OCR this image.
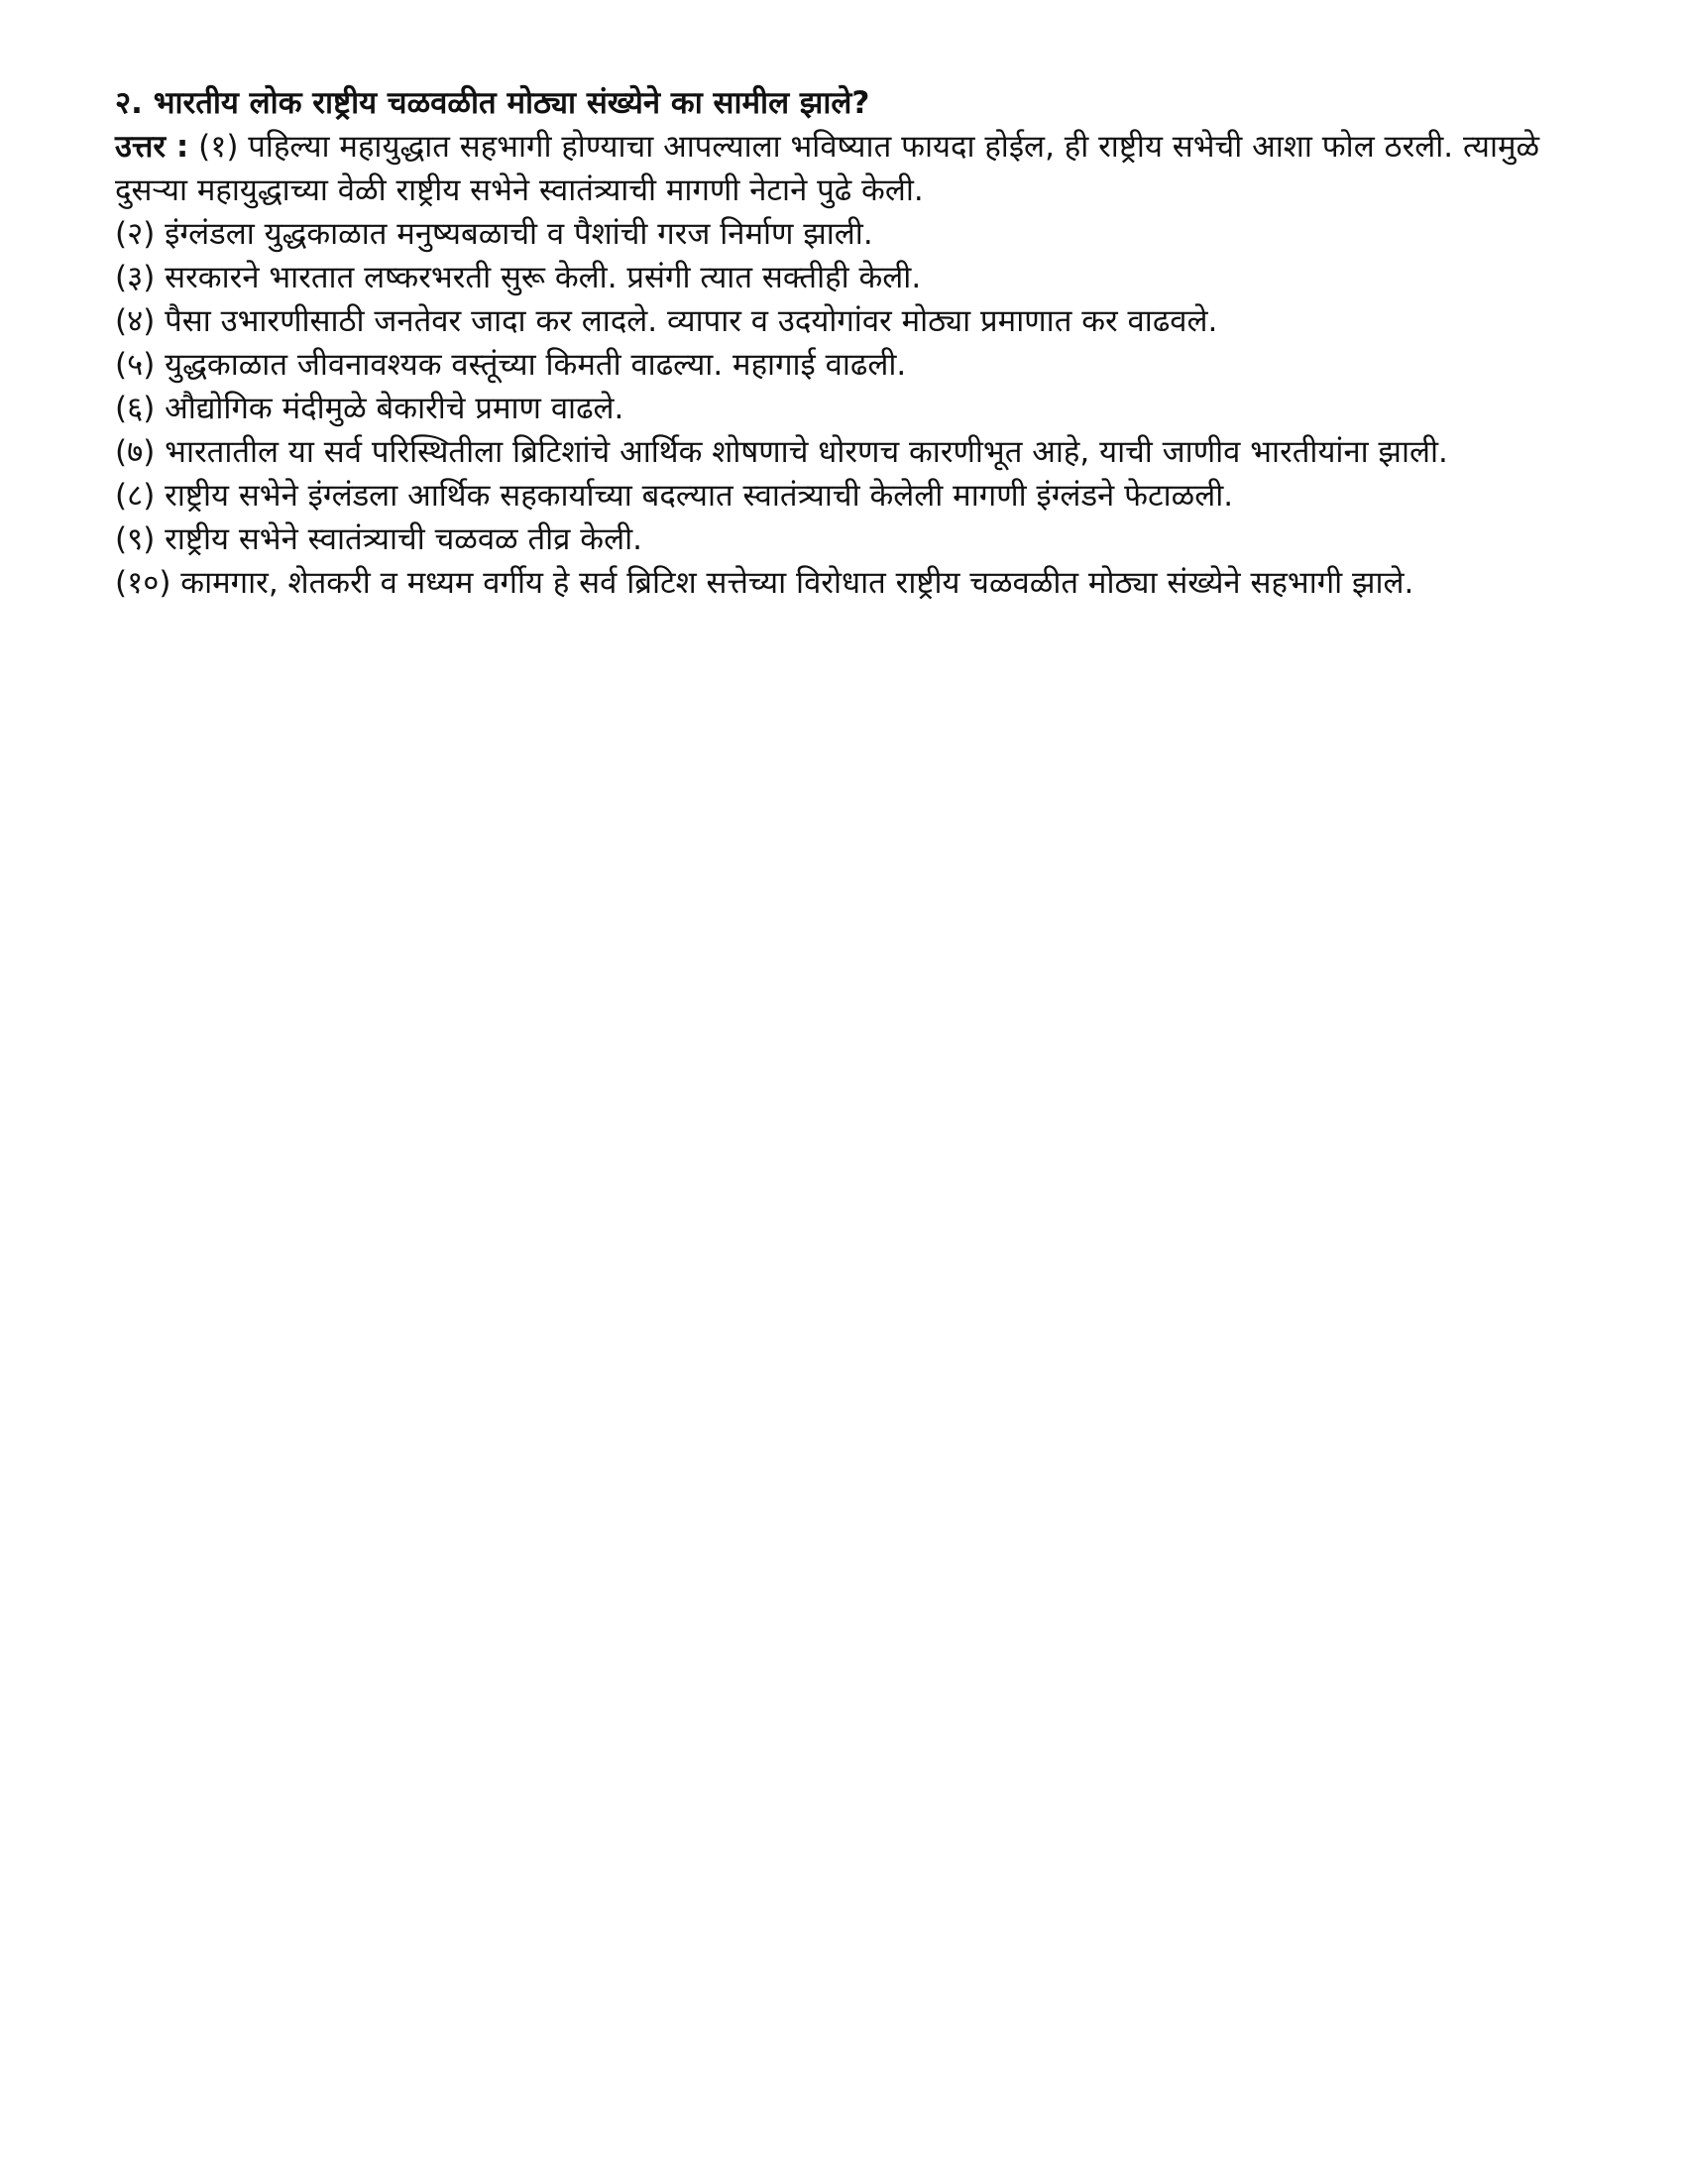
२. भारतीय लोक राष्ट्रीय चळवळीत मोठ्या संख्येने का सामील झाले?

उत्तर : (१) पहिल्या महायुद्धात सहभागी होण्याचा आपल्याला भविष्यात फायदा होईल, ही राष्ट्रीय सभेची आशा फोल ठरली. त्यामुळे दुसऱ्या महायुद्धाच्या वेळी राष्ट्रीय सभेने स्वातंत्र्याची मागणी नेटाने पुढे केली.

(२) इंग्लंडला युद्धकाळात मनुष्यबळाची व पैशांची गरज निर्माण झाली.

(३) सरकारने भारतात लष्करभरती सुरू केली. प्रसंगी त्यात सक्तीही केली.

(४) पैसा उभारणीसाठी जनतेवर जादा कर लादले. व्यापार व उदयोगांवर मोठ्या प्रमाणात कर वाढवले.

(५) युद्धकाळात जीवनावश्यक वस्तूंच्या किमती वाढल्या. महागाई वाढली.

(६) औद्योगिक मंदीमुळे बेकारीचे प्रमाण वाढले.

(७) भारतातील या सर्व परिस्थितीला ब्रिटिशांचे आर्थिक शोषणाचे धोरणच कारणीभूत आहे, याची जाणीव भारतीयांना झाली.

(८) राष्ट्रीय सभेने इंग्लंडला आर्थिक सहकार्याच्या बदल्यात स्वातंत्र्याची केलेली मागणी इंग्लंडने फेटाळली.

(९) राष्ट्रीय सभेने स्वातंत्र्याची चळवळ तीव्र केली.

(१०) कामगार, शेतकरी व मध्यम वर्गीय हे सर्व ब्रिटिश सत्तेच्या विरोधात राष्ट्रीय चळवळीत मोठ्या संख्येने सहभागी झाले.
